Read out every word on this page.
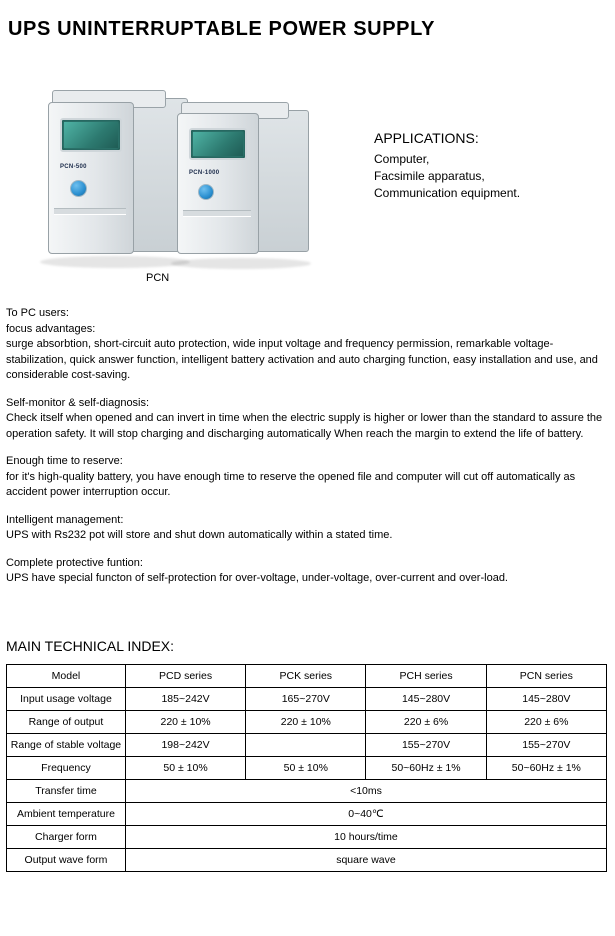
UPS UNINTERRUPTABLE POWER SUPPLY
PCN-500
PCN-1000
PCN
APPLICATIONS:
Computer,
Facsimile apparatus,
Communication equipment.

To PC users:

focus advantages:

surge absorbtion, short-circuit auto protection, wide input voltage and frequency permission, remarkable voltage-stabilization, quick answer function, intelligent battery activation and auto charging function, easy installation and use, and considerable cost-saving.

Self-monitor & self-diagnosis:

Check itself when opened and can invert in time when the electric supply is higher or lower than the standard to assure the operation safety. It will stop charging and discharging automatically When reach the margin to extend the life of battery.

Enough time to reserve:

for it's high-quality battery, you have enough time to reserve the opened file and computer will cut off automatically as accident power interruption occur.

Intelligent management:

UPS with Rs232 pot will store and shut down automatically within a stated time.

Complete protective funtion:

UPS have special functon of self-protection for over-voltage, under-voltage, over-current and over-load.

MAIN TECHNICAL INDEX:
Model	PCD series	PCK series	PCH series	PCN series
Input usage voltage	185~242V	165~270V	145~280V	145~280V
Range of output	220 ± 10%	220 ± 10%	220 ± 6%	220 ± 6%
Range of stable voltage	198~242V		155~270V	155~270V
Frequency	50 ± 10%	50 ± 10%	50~60Hz ± 1%	50~60Hz ± 1%
Transfer time	<10ms			
Ambient temperature	0~40℃			
Charger form	10 hours/time			
Output wave form	square wave			
